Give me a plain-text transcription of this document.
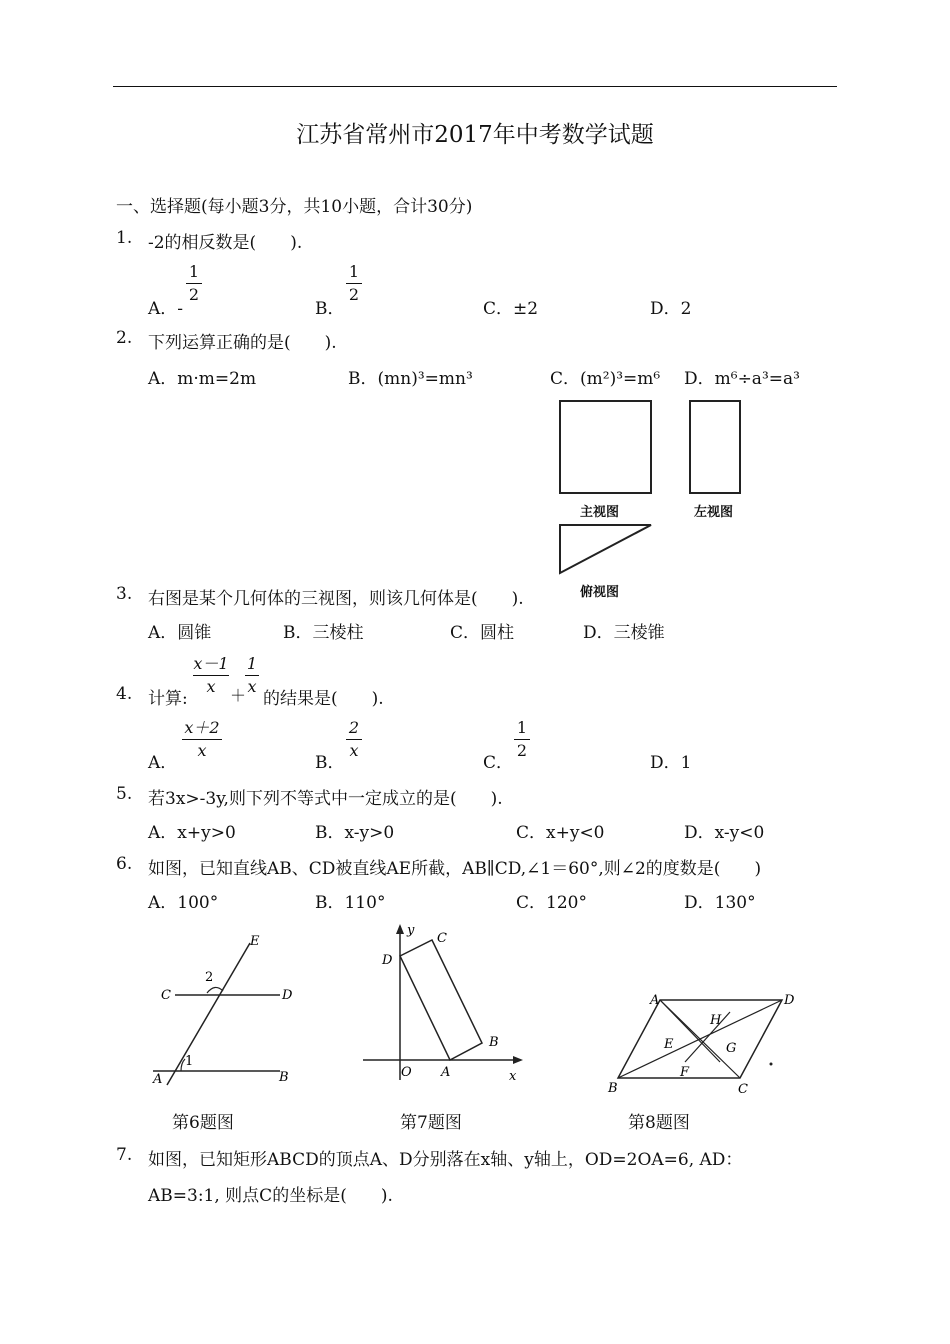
江苏省常州市2017年中考数学试题
一、选择题(每小题3分，共10小题，合计30分)
1. -2的相反数是(　　).
A．-
1
2
B．
1
2
C．±2	D．2
2. 下列运算正确的是(　　).
A．m·m=2m	B．(mn)³=mn³	C．(m²)³=m⁶ D．m⁶÷a³=a³
主视图	左视图
俯视图
3. 右图是某个几何体的三视图，则该几何体是(　　).
A．圆锥	B．三棱柱	C．圆柱	D．三棱锥
4. 计算:
x－1
x ＋
1
x
的结果是(　　).
A．
x＋2
x
B．
2
x
C．
1
2
D．1
5. 若3x>-3y,则下列不等式中一定成立的是(　　).
A．x+y>0	B．x-y>0	C．x+y<0	D．x-y<0
6. 如图，已知直线AB、CD被直线AE所截，AB∥CD,∠1＝60°,则∠2的度数是(　　)
A．100°	B．110°	C．120°	D．130°
E
C	D
2
1
A	B
第6题图
y
C
D
B
O A	x
第7题图
A	D
H
E	G
F
B	C
第8题图
7. 如图，已知矩形ABCD的顶点A、D分别落在x轴、y轴上，OD=2OA=6, AD：
AB=3:1, 则点C的坐标是(　　).
